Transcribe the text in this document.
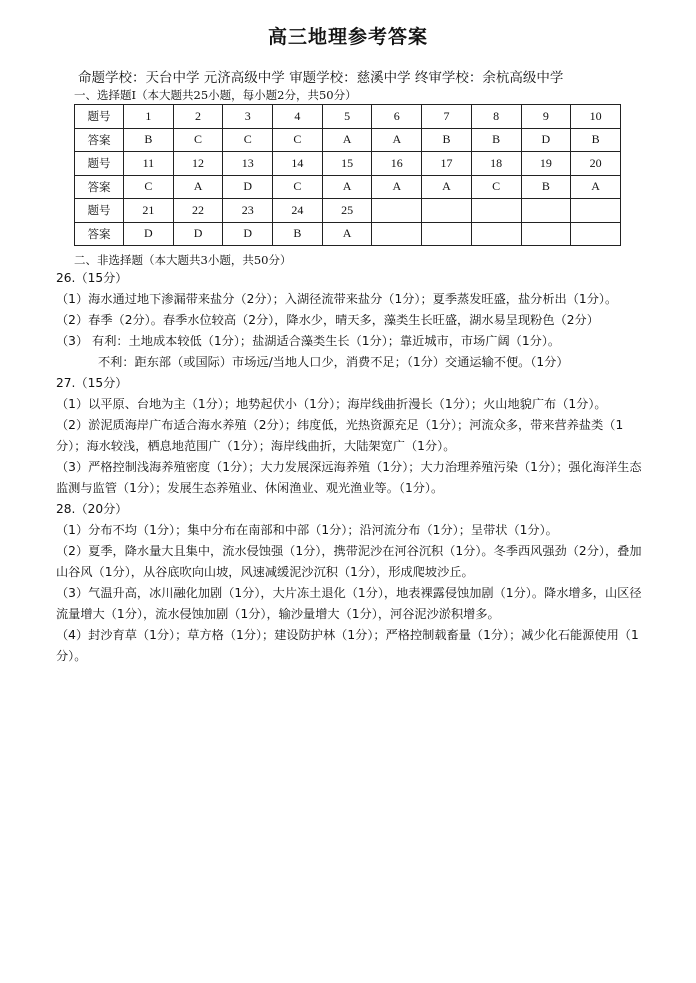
高三地理参考答案
命题学校：天台中学 元济高级中学 审题学校：慈溪中学 终审学校：余杭高级中学
一、选择题Ⅰ（本大题共25小题，每小题2分，共50分）
题号	1	2	3	4	5	6	7	8	9	10
答案	B	C	C	C	A	A	B	B	D	B
题号	11	12	13	14	15	16	17	18	19	20
答案	C	A	D	C	A	A	A	C	B	A
题号	21	22	23	24	25					
答案	D	D	D	B	A					
二、非选择题（本大题共3小题，共50分）

26.（15分）

（1）海水通过地下渗漏带来盐分（2分）；入湖径流带来盐分（1分）；夏季蒸发旺盛，盐分析出（1分）。

（2）春季（2分）。春季水位较高（2分），降水少，晴天多，藻类生长旺盛，湖水易呈现粉色（2分）

（3） 有利：土地成本较低（1分）；盐湖适合藻类生长（1分）；靠近城市，市场广阔（1分）。

不利：距东部（或国际）市场远/当地人口少，消费不足；（1分）交通运输不便。（1分）

27.（15分）

（1）以平原、台地为主（1分）；地势起伏小（1分）；海岸线曲折漫长（1分）；火山地貌广布（1分）。

（2）淤泥质海岸广布适合海水养殖（2分）；纬度低，光热资源充足（1分）；河流众多，带来营养盐类（1分）；海水较浅，栖息地范围广（1分）；海岸线曲折，大陆架宽广（1分）。

（3）严格控制浅海养殖密度（1分）；大力发展深远海养殖（1分）；大力治理养殖污染（1分）；强化海洋生态监测与监管（1分）；发展生态养殖业、休闲渔业、观光渔业等。（1分）。

28.（20分）

（1）分布不均（1分）；集中分布在南部和中部（1分）；沿河流分布（1分）；呈带状（1分）。

（2）夏季，降水量大且集中，流水侵蚀强（1分），携带泥沙在河谷沉积（1分）。冬季西风强劲（2分），叠加山谷风（1分），从谷底吹向山坡，风速减缓泥沙沉积（1分），形成爬坡沙丘。

（3）气温升高，冰川融化加剧（1分），大片冻土退化（1分），地表裸露侵蚀加剧（1分）。降水增多，山区径流量增大（1分），流水侵蚀加剧（1分），输沙量增大（1分），河谷泥沙淤积增多。

（4）封沙育草（1分）；草方格（1分）；建设防护林（1分）；严格控制载畜量（1分）；减少化石能源使用（1分）。
